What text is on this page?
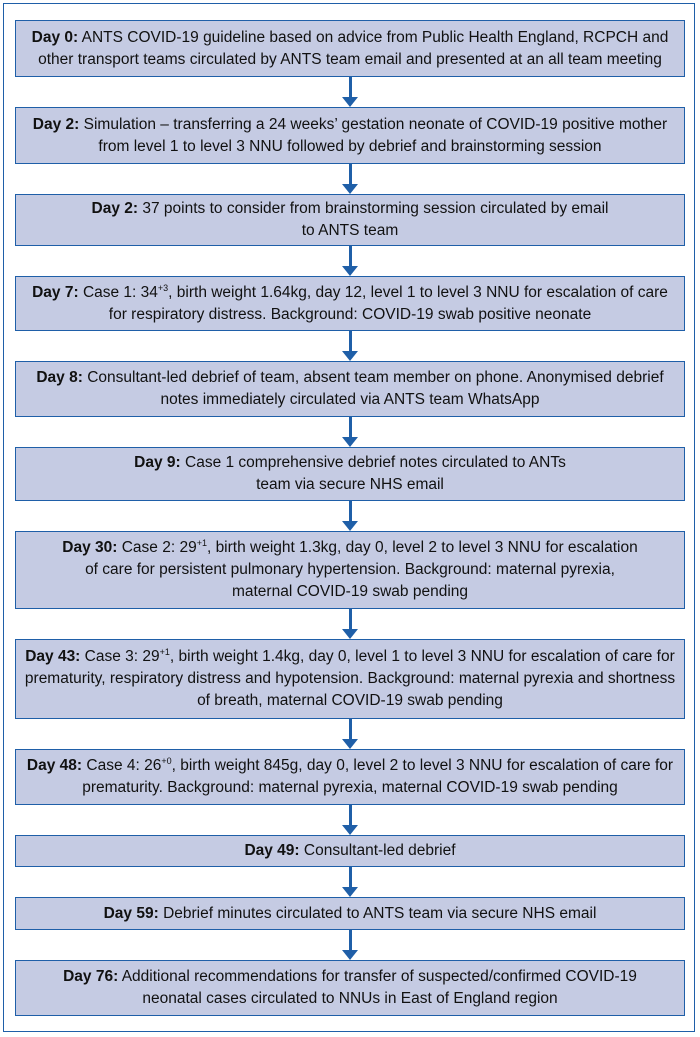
Day 0: ANTS COVID-19 guideline based on advice from Public Health England, RCPCH and other transport teams circulated by ANTS team email and presented at an all team meeting
Day 2: Simulation – transferring a 24 weeks’ gestation neonate of COVID-19 positive mother from level 1 to level 3 NNU followed by debrief and brainstorming session
Day 2: 37 points to consider from brainstorming session circulated by email to ANTS team
Day 7: Case 1: $34^{+3}$, birth weight 1.64kg, day 12, level 1 to level 3 NNU for escalation of care for respiratory distress. Background: COVID-19 swab positive neonate
Day 8: Consultant-led debrief of team, absent team member on phone. Anonymised debrief notes immediately circulated via ANTS team WhatsApp
Day 9: Case 1 comprehensive debrief notes circulated to ANTs team via secure NHS email
Day 30: Case 2: $29^{+1}$, birth weight 1.3kg, day 0, level 2 to level 3 NNU for escalation of care for persistent pulmonary hypertension. Background: maternal pyrexia, maternal COVID-19 swab pending
Day 43: Case 3: $29^{+1}$, birth weight 1.4kg, day 0, level 1 to level 3 NNU for escalation of care for prematurity, respiratory distress and hypotension. Background: maternal pyrexia and shortness of breath, maternal COVID-19 swab pending
Day 48: Case 4: $26^{+0}$, birth weight 845g, day 0, level 2 to level 3 NNU for escalation of care for prematurity. Background: maternal pyrexia, maternal COVID-19 swab pending
Day 49: Consultant-led debrief
Day 59: Debrief minutes circulated to ANTS team via secure NHS email
Day 76: Additional recommendations for transfer of suspected/confirmed COVID-19 neonatal cases circulated to NNUs in East of England region
